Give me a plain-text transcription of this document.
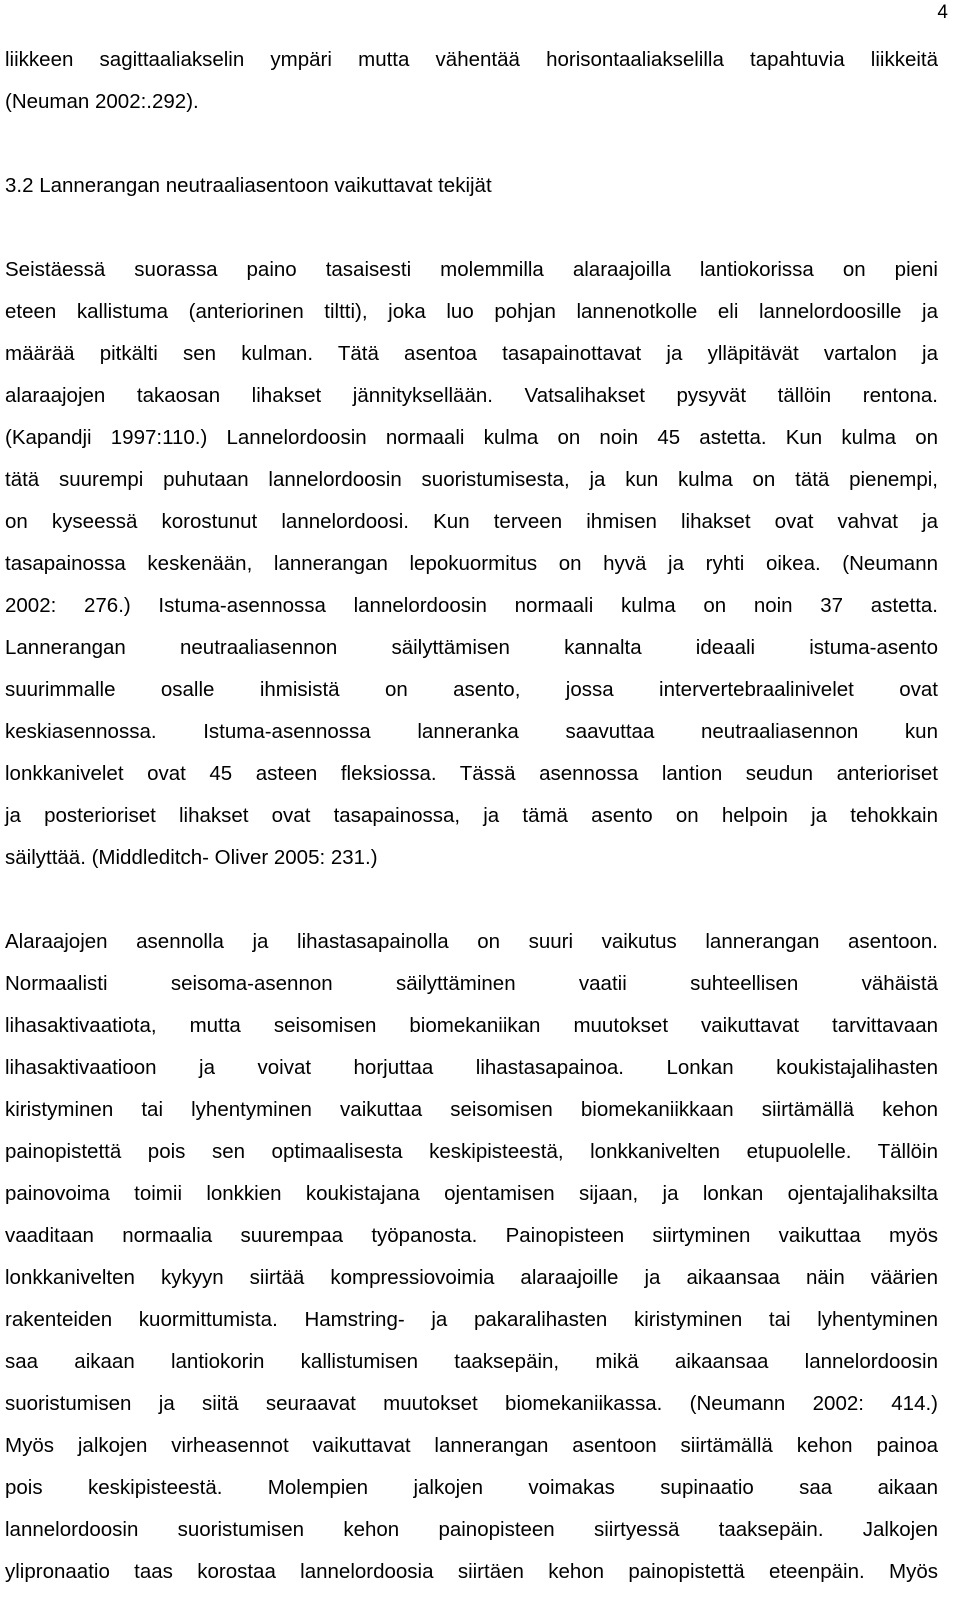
4
liikkeen sagittaaliakselin ympäri mutta vähentää horisontaaliakselilla tapahtuvia liikkeitä
(Neuman 2002:.292).
3.2 Lannerangan neutraaliasentoon vaikuttavat tekijät
Seistäessä suorassa paino tasaisesti molemmilla alaraajoilla lantiokorissa on pieni
eteen kallistuma (anteriorinen tiltti), joka luo pohjan lannenotkolle eli lannelordoosille ja
määrää pitkälti sen kulman. Tätä asentoa tasapainottavat ja ylläpitävät vartalon ja
alaraajojen takaosan lihakset jännityksellään. Vatsalihakset pysyvät tällöin rentona.
(Kapandji 1997:110.) Lannelordoosin normaali kulma on noin 45 astetta. Kun kulma on
tätä suurempi puhutaan lannelordoosin suoristumisesta, ja kun kulma on tätä pienempi,
on kyseessä korostunut lannelordoosi. Kun terveen ihmisen lihakset ovat vahvat ja
tasapainossa keskenään, lannerangan lepokuormitus on hyvä ja ryhti oikea. (Neumann
2002: 276.) Istuma-asennossa lannelordoosin normaali kulma on noin 37 astetta.
Lannerangan neutraaliasennon säilyttämisen kannalta ideaali istuma-asento
suurimmalle osalle ihmisistä on asento, jossa intervertebraalinivelet ovat
keskiasennossa. Istuma-asennossa lanneranka saavuttaa neutraaliasennon kun
lonkkanivelet ovat 45 asteen fleksiossa. Tässä asennossa lantion seudun anterioriset
ja posterioriset lihakset ovat tasapainossa, ja tämä asento on helpoin ja tehokkain
säilyttää. (Middleditch- Oliver 2005: 231.)
Alaraajojen asennolla ja lihastasapainolla on suuri vaikutus lannerangan asentoon.
Normaalisti seisoma-asennon säilyttäminen vaatii suhteellisen vähäistä
lihasaktivaatiota, mutta seisomisen biomekaniikan muutokset vaikuttavat tarvittavaan
lihasaktivaatioon ja voivat horjuttaa lihastasapainoa. Lonkan koukistajalihasten
kiristyminen tai lyhentyminen vaikuttaa seisomisen biomekaniikkaan siirtämällä kehon
painopistettä pois sen optimaalisesta keskipisteestä, lonkkanivelten etupuolelle. Tällöin
painovoima toimii lonkkien koukistajana ojentamisen sijaan, ja lonkan ojentajalihaksilta
vaaditaan normaalia suurempaa työpanosta. Painopisteen siirtyminen vaikuttaa myös
lonkkanivelten kykyyn siirtää kompressiovoimia alaraajoille ja aikaansaa näin väärien
rakenteiden kuormittumista. Hamstring- ja pakaralihasten kiristyminen tai lyhentyminen
saa aikaan lantiokorin kallistumisen taaksepäin, mikä aikaansaa lannelordoosin
suoristumisen ja siitä seuraavat muutokset biomekaniikassa. (Neumann 2002: 414.)
Myös jalkojen virheasennot vaikuttavat lannerangan asentoon siirtämällä kehon painoa
pois keskipisteestä. Molempien jalkojen voimakas supinaatio saa aikaan
lannelordoosin suoristumisen kehon painopisteen siirtyessä taaksepäin. Jalkojen
ylipronaatio taas korostaa lannelordoosia siirtäen kehon painopistettä eteenpäin. Myös
